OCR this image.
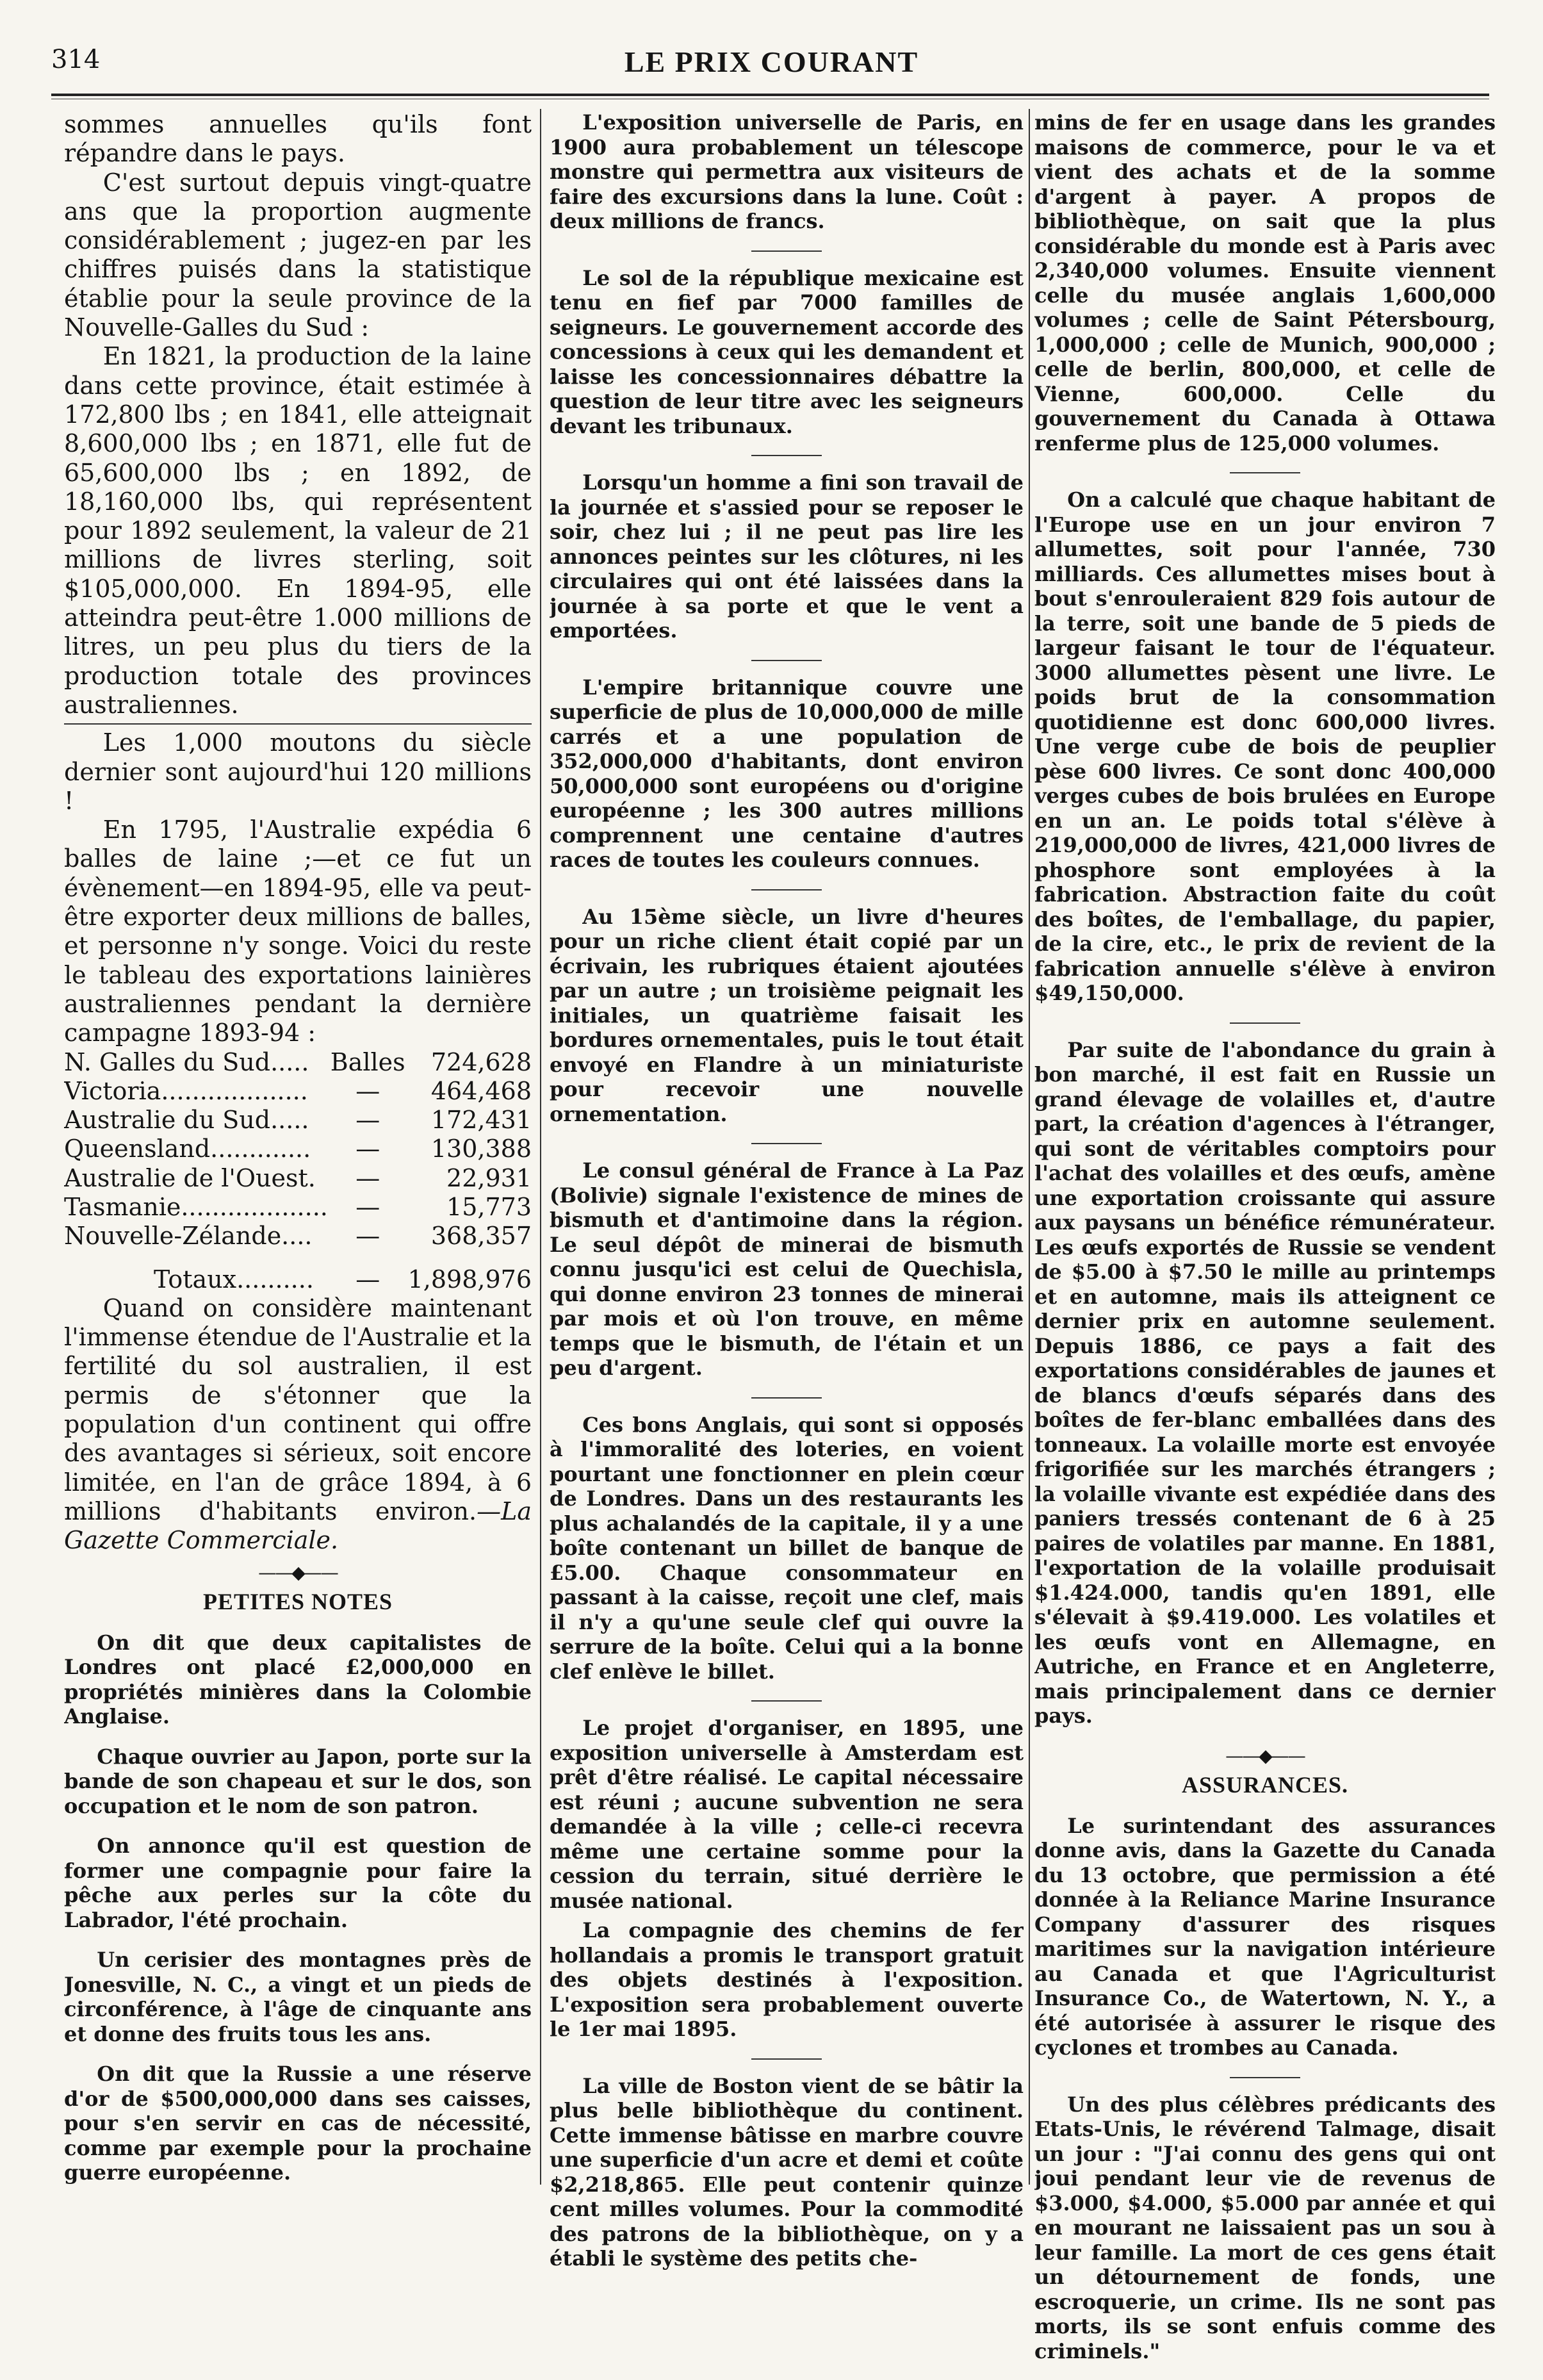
314	LE PRIX COURANT

sommes annuelles qu'ils font répandre dans le pays.

C'est surtout depuis vingt-quatre ans que la proportion augmente considérablement ; jugez-en par les chiffres puisés dans la statistique établie pour la seule province de la Nouvelle-Galles du Sud :

En 1821, la production de la laine dans cette province, était estimée à 172,800 lbs ; en 1841, elle atteignait 8,600,000 lbs ; en 1871, elle fut de 65,600,000 lbs ; en 1892, de 18,160,000 lbs, qui représentent pour 1892 seulement, la valeur de 21 millions de livres sterling, soit $105,000,000. En 1894-95, elle atteindra peut-être 1.000 millions de litres, un peu plus du tiers de la production totale des provinces australiennes.

Les 1,000 moutons du siècle dernier sont aujourd'hui 120 millions !

En 1795, l'Australie expédia 6 balles de laine ;—et ce fut un évènement—en 1894-95, elle va peut-être exporter deux millions de balles, et personne n'y songe. Voici du reste le tableau des exportations lainières australiennes pendant la dernière campagne 1893-94 :

N. Galles du Sud.....	Balles	724,628
Victoria...................	—	464,468
Australie du Sud.....	—	172,431
Queensland.............	—	130,388
Australie de l'Ouest.	—	22,931
Tasmanie...................	—	15,773
Nouvelle-Zélande....	—	368,357
Totaux..........	—	1,898,976

Quand on considère maintenant l'immense étendue de l'Australie et la fertilité du sol australien, il est permis de s'étonner que la population d'un continent qui offre des avantages si sérieux, soit encore limitée, en l'an de grâce 1894, à 6 millions d'habitants environ.—La Gazette Commerciale.

——◆——
PETITES NOTES

On dit que deux capitalistes de Londres ont placé £2,000,000 en propriétés minières dans la Colombie Anglaise.

Chaque ouvrier au Japon, porte sur la bande de son chapeau et sur le dos, son occupation et le nom de son patron.

On annonce qu'il est question de former une compagnie pour faire la pêche aux perles sur la côte du Labrador, l'été prochain.

Un cerisier des montagnes près de Jonesville, N. C., a vingt et un pieds de circonférence, à l'âge de cinquante ans et donne des fruits tous les ans.

On dit que la Russie a une réserve d'or de $500,000,000 dans ses caisses, pour s'en servir en cas de nécessité, comme par exemple pour la prochaine guerre européenne.

L'exposition universelle de Paris, en 1900 aura probablement un télescope monstre qui permettra aux visiteurs de faire des excursions dans la lune. Coût : deux millions de francs.

Le sol de la république mexicaine est tenu en fief par 7000 familles de seigneurs. Le gouvernement accorde des concessions à ceux qui les demandent et laisse les concessionnaires débattre la question de leur titre avec les seigneurs devant les tribunaux.

Lorsqu'un homme a fini son travail de la journée et s'assied pour se reposer le soir, chez lui ; il ne peut pas lire les annonces peintes sur les clôtures, ni les circulaires qui ont été laissées dans la journée à sa porte et que le vent a emportées.

L'empire britannique couvre une superficie de plus de 10,000,000 de mille carrés et a une population de 352,000,000 d'habitants, dont environ 50,000,000 sont européens ou d'origine européenne ; les 300 autres millions comprennent une centaine d'autres races de toutes les couleurs connues.

Au 15ème siècle, un livre d'heures pour un riche client était copié par un écrivain, les rubriques étaient ajoutées par un autre ; un troisième peignait les initiales, un quatrième faisait les bordures ornementales, puis le tout était envoyé en Flandre à un miniaturiste pour recevoir une nouvelle ornementation.

Le consul général de France à La Paz (Bolivie) signale l'existence de mines de bismuth et d'antimoine dans la région. Le seul dépôt de minerai de bismuth connu jusqu'ici est celui de Quechisla, qui donne environ 23 tonnes de minerai par mois et où l'on trouve, en même temps que le bismuth, de l'étain et un peu d'argent.

Ces bons Anglais, qui sont si opposés à l'immoralité des loteries, en voient pourtant une fonctionner en plein cœur de Londres. Dans un des restaurants les plus achalandés de la capitale, il y a une boîte contenant un billet de banque de £5.00. Chaque consommateur en passant à la caisse, reçoit une clef, mais il n'y a qu'une seule clef qui ouvre la serrure de la boîte. Celui qui a la bonne clef enlève le billet.

Le projet d'organiser, en 1895, une exposition universelle à Amsterdam est prêt d'être réalisé. Le capital nécessaire est réuni ; aucune subvention ne sera demandée à la ville ; celle-ci recevra même une certaine somme pour la cession du terrain, situé derrière le musée national.

La compagnie des chemins de fer hollandais a promis le transport gratuit des objets destinés à l'exposition. L'exposition sera probablement ouverte le 1er mai 1895.

La ville de Boston vient de se bâtir la plus belle bibliothèque du continent. Cette immense bâtisse en marbre couvre une superficie d'un acre et demi et coûte $2,218,865. Elle peut contenir quinze cent milles volumes. Pour la commodité des patrons de la bibliothèque, on y a établi le système des petits che-

mins de fer en usage dans les grandes maisons de commerce, pour le va et vient des achats et de la somme d'argent à payer. A propos de bibliothèque, on sait que la plus considérable du monde est à Paris avec 2,340,000 volumes. Ensuite viennent celle du musée anglais 1,600,000 volumes ; celle de Saint Pétersbourg, 1,000,000 ; celle de Munich, 900,000 ; celle de berlin, 800,000, et celle de Vienne, 600,000. Celle du gouvernement du Canada à Ottawa renferme plus de 125,000 volumes.

On a calculé que chaque habitant de l'Europe use en un jour environ 7 allumettes, soit pour l'année, 730 milliards. Ces allumettes mises bout à bout s'enrouleraient 829 fois autour de la terre, soit une bande de 5 pieds de largeur faisant le tour de l'équateur. 3000 allumettes pèsent une livre. Le poids brut de la consommation quotidienne est donc 600,000 livres. Une verge cube de bois de peuplier pèse 600 livres. Ce sont donc 400,000 verges cubes de bois brulées en Europe en un an. Le poids total s'élève à 219,000,000 de livres, 421,000 livres de phosphore sont employées à la fabrication. Abstraction faite du coût des boîtes, de l'emballage, du papier, de la cire, etc., le prix de revient de la fabrication annuelle s'élève à environ $49,150,000.

Par suite de l'abondance du grain à bon marché, il est fait en Russie un grand élevage de volailles et, d'autre part, la création d'agences à l'étranger, qui sont de véritables comptoirs pour l'achat des volailles et des œufs, amène une exportation croissante qui assure aux paysans un bénéfice rémunérateur. Les œufs exportés de Russie se vendent de $5.00 à $7.50 le mille au printemps et en automne, mais ils atteignent ce dernier prix en automne seulement. Depuis 1886, ce pays a fait des exportations considérables de jaunes et de blancs d'œufs séparés dans des boîtes de fer-blanc emballées dans des tonneaux. La volaille morte est envoyée frigorifiée sur les marchés étrangers ; la volaille vivante est expédiée dans des paniers tressés contenant de 6 à 25 paires de volatiles par manne. En 1881, l'exportation de la volaille produisait $1.424.000, tandis qu'en 1891, elle s'élevait à $9.419.000. Les volatiles et les œufs vont en Allemagne, en Autriche, en France et en Angleterre, mais principalement dans ce dernier pays.

——◆——
ASSURANCES.

Le surintendant des assurances donne avis, dans la Gazette du Canada du 13 octobre, que permission a été donnée à la Reliance Marine Insurance Company d'assurer des risques maritimes sur la navigation intérieure au Canada et que l'Agriculturist Insurance Co., de Watertown, N. Y., a été autorisée à assurer le risque des cyclones et trombes au Canada.

Un des plus célèbres prédicants des Etats-Unis, le révérend Talmage, disait un jour : "J'ai connu des gens qui ont joui pendant leur vie de revenus de $3.000, $4.000, $5.000 par année et qui en mourant ne laissaient pas un sou à leur famille. La mort de ces gens était un détournement de fonds, une escroquerie, un crime. Ils ne sont pas morts, ils se sont enfuis comme des criminels."
